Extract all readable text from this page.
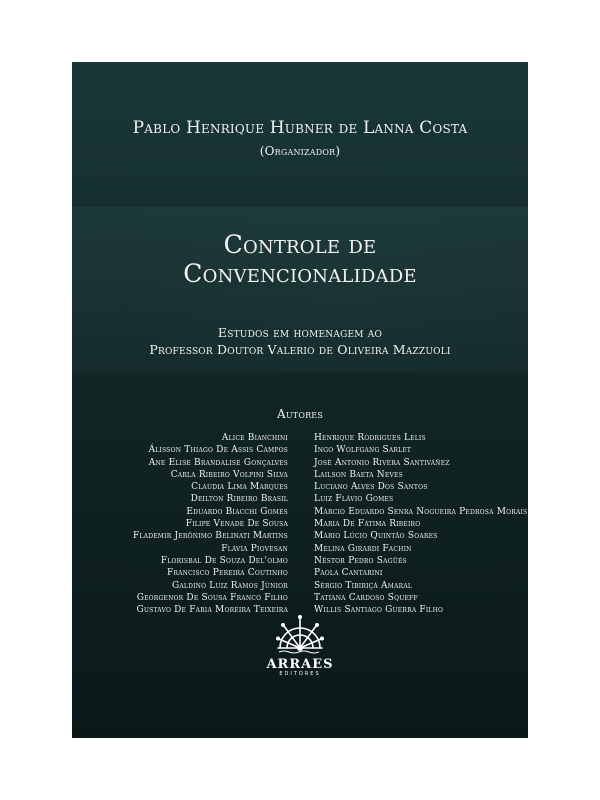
Pablo Henrique Hubner de Lanna Costa
(Organizador)
Controle de
Convencionalidade
Estudos em homenagem ao
Professor Doutor Valerio de Oliveira Mazzuoli
Autores
Alice Bianchini
Álisson Thiago De Assis Campos
Ane Elise Brandalise Gonçalves
Carla Ribeiro Volpini Silva
Claudia Lima Marques
Deilton Ribeiro Brasil
Eduardo Biacchi Gomes
Filipe Venade De Sousa
Flademir Jerônimo Belinati Martins
Flávia Piovesan
Florisbal De Souza Del'olmo
Francisco Pereira Coutinho
Galdino Luiz Ramos Júnior
Georgenor De Sousa Franco Filho
Gustavo De Faria Moreira Teixeira
Henrique Rodrigues Lelis
Ingo Wolfgang Sarlet
José Antonio Rivera Santiváñez
Lailson Baeta Neves
Luciano Alves Dos Santos
Luiz Flávio Gomes
Márcio Eduardo Senra Nogueira Pedrosa Morais
Maria De Fátima Ribeiro
Mário Lúcio Quintão Soares
Melina Girardi Fachin
Néstor Pedro Sagüés
Paola Cantarini
Sérgio Tibiriçá Amaral
Tatiana Cardoso Squeff
Willis Santiago Guerra Filho
ARRAES
EDITORES
